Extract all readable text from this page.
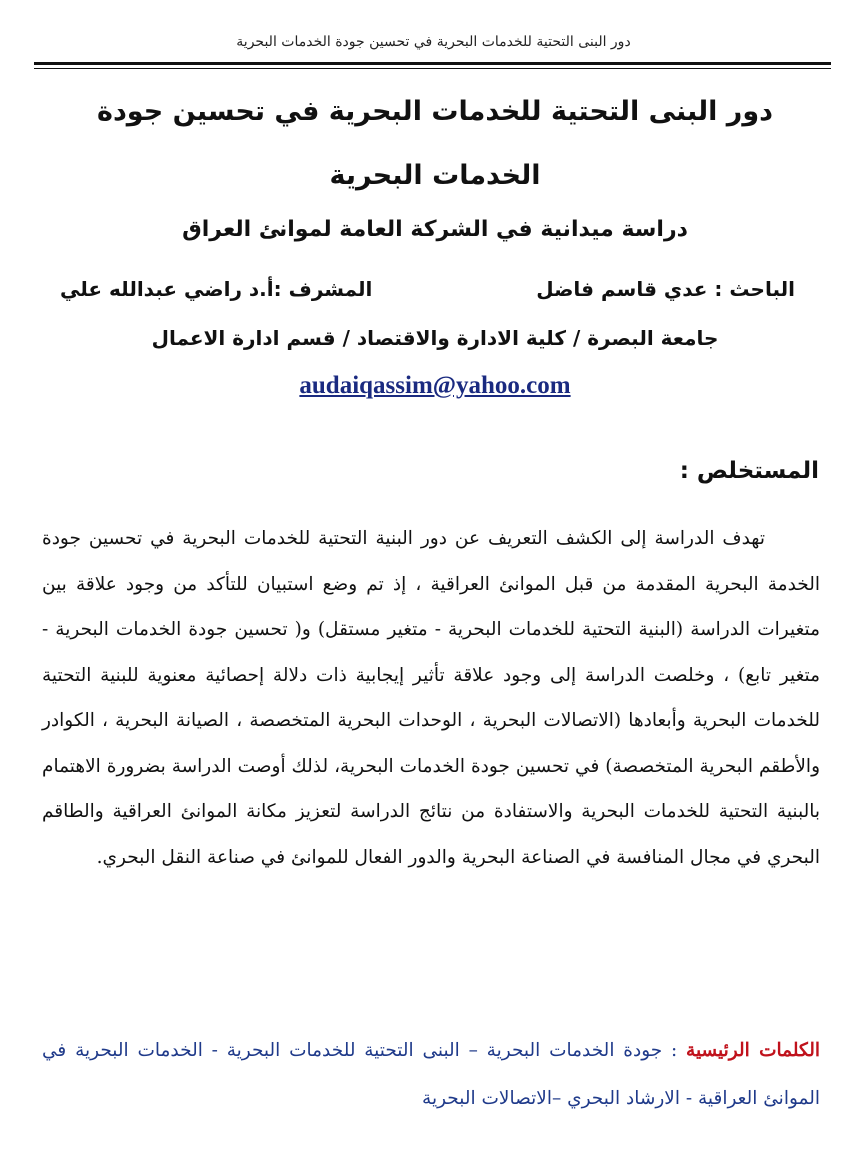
دور البنى التحتية للخدمات البحرية في تحسين جودة الخدمات البحرية
دور البنى التحتية للخدمات البحرية في تحسين جودة الخدمات البحرية
دراسة ميدانية في الشركة العامة لموانئ العراق
الباحث : عدي قاسم فاضل
المشرف :أ.د راضي عبدالله علي
جامعة البصرة / كلية الادارة والاقتصاد / قسم ادارة الاعمال
audaiqassim@yahoo.com
المستخلص :

تهدف الدراسة إلى الكشف التعريف عن دور البنية التحتية للخدمات البحرية في تحسين جودة الخدمة البحرية المقدمة من قبل الموانئ العراقية ، إذ تم وضع استبيان للتأكد من وجود علاقة بين متغيرات الدراسة (البنية التحتية للخدمات البحرية - متغير مستقل) و( تحسين جودة الخدمات البحرية - متغير تابع) ، وخلصت الدراسة إلى وجود علاقة تأثير إيجابية ذات دلالة إحصائية معنوية للبنية التحتية للخدمات البحرية وأبعادها (الاتصالات البحرية ، الوحدات البحرية المتخصصة ، الصيانة البحرية ، الكوادر والأطقم البحرية المتخصصة) في تحسين جودة الخدمات البحرية، لذلك أوصت الدراسة بضرورة الاهتمام بالبنية التحتية للخدمات البحرية والاستفادة من نتائج الدراسة لتعزيز مكانة الموانئ العراقية والطاقم البحري في مجال المنافسة في الصناعة البحرية والدور الفعال للموانئ في صناعة النقل البحري.

الكلمات الرئيسية : جودة الخدمات البحرية – البنى التحتية للخدمات البحرية - الخدمات البحرية في الموانئ العراقية - الارشاد البحري –الاتصالات البحرية
